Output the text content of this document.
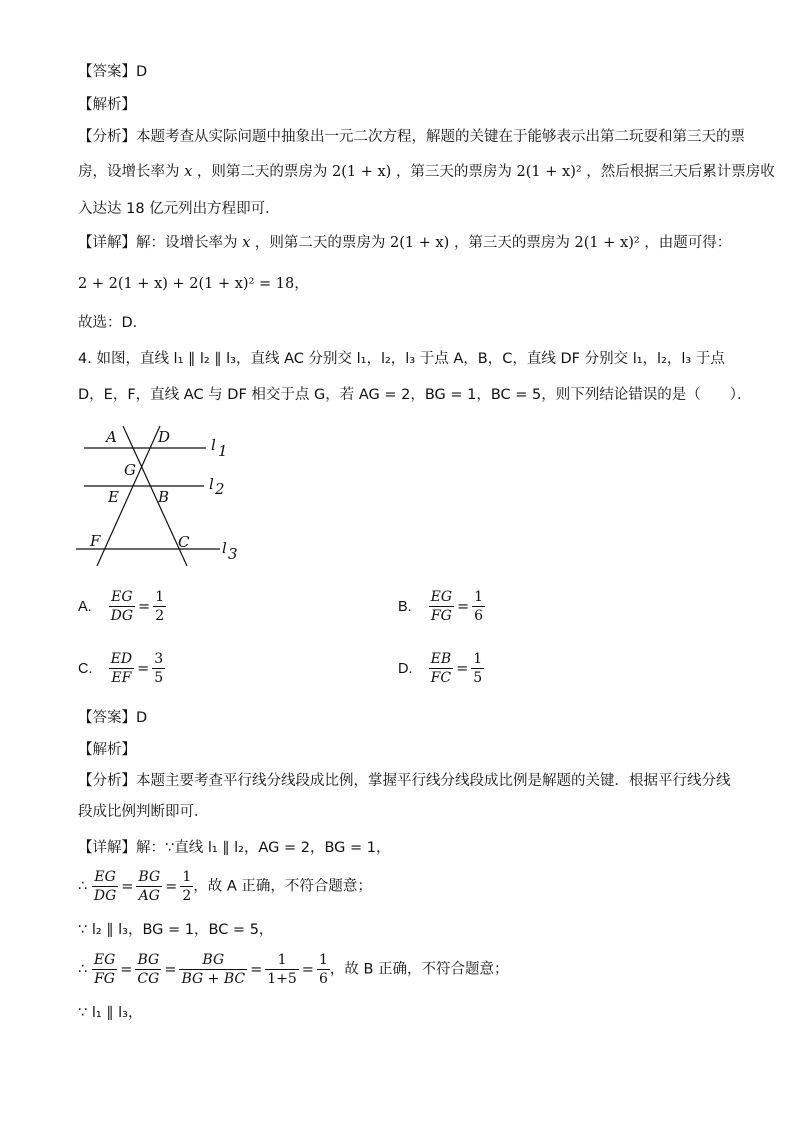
【答案】D
【解析】
【分析】本题考查从实际问题中抽象出一元二次方程，解题的关键在于能够表示出第二玩耍和第三天的票
房，设增长率为 x ，则第二天的票房为 2(1 + x) ，第三天的票房为 2(1 + x)² ，然后根据三天后累计票房收
入达达 18 亿元列出方程即可．
【详解】解：设增长率为 x ，则第二天的票房为 2(1 + x) ，第三天的票房为 2(1 + x)² ，由题可得：
2 + 2(1 + x) + 2(1 + x)² = 18，
故选：D．
4. 如图，直线 l₁ ∥ l₂ ∥ l₃，直线 AC 分别交 l₁，l₂，l₃ 于点 A，B，C，直线 DF 分别交 l₁，l₂，l₃ 于点
D，E，F，直线 AC 与 DF 相交于点 G，若 AG = 2，BG = 1，BC = 5，则下列结论错误的是（　　）．
A	D
G
E	B
F	C
l 1
l 2
l 3
A. $\frac{EG}{DG} = \frac{1}{2}$	B. $\frac{EG}{FG} = \frac{1}{6}$
C. $\frac{ED}{EF} = \frac{3}{5}$	D. $\frac{EB}{FC} = \frac{1}{5}$
【答案】D
【解析】
【分析】本题主要考查平行线分线段成比例，掌握平行线分线段成比例是解题的关键．根据平行线分线
段成比例判断即可．
【详解】解：∵直线 l₁ ∥ l₂，AG = 2，BG = 1，
∴ $\frac{EG}{DG} = \frac{BG}{AG} = \frac{1}{2}$ ，故 A 正确，不符合题意；
∵ l₂ ∥ l₃，BG = 1，BC = 5，
∴ $\frac{EG}{FG} = \frac{BG}{CG} = \frac{BG}{BG + BC} = \frac{1}{1+5} = \frac{1}{6}$ ，故 B 正确，不符合题意；
∵ l₁ ∥ l₃，
